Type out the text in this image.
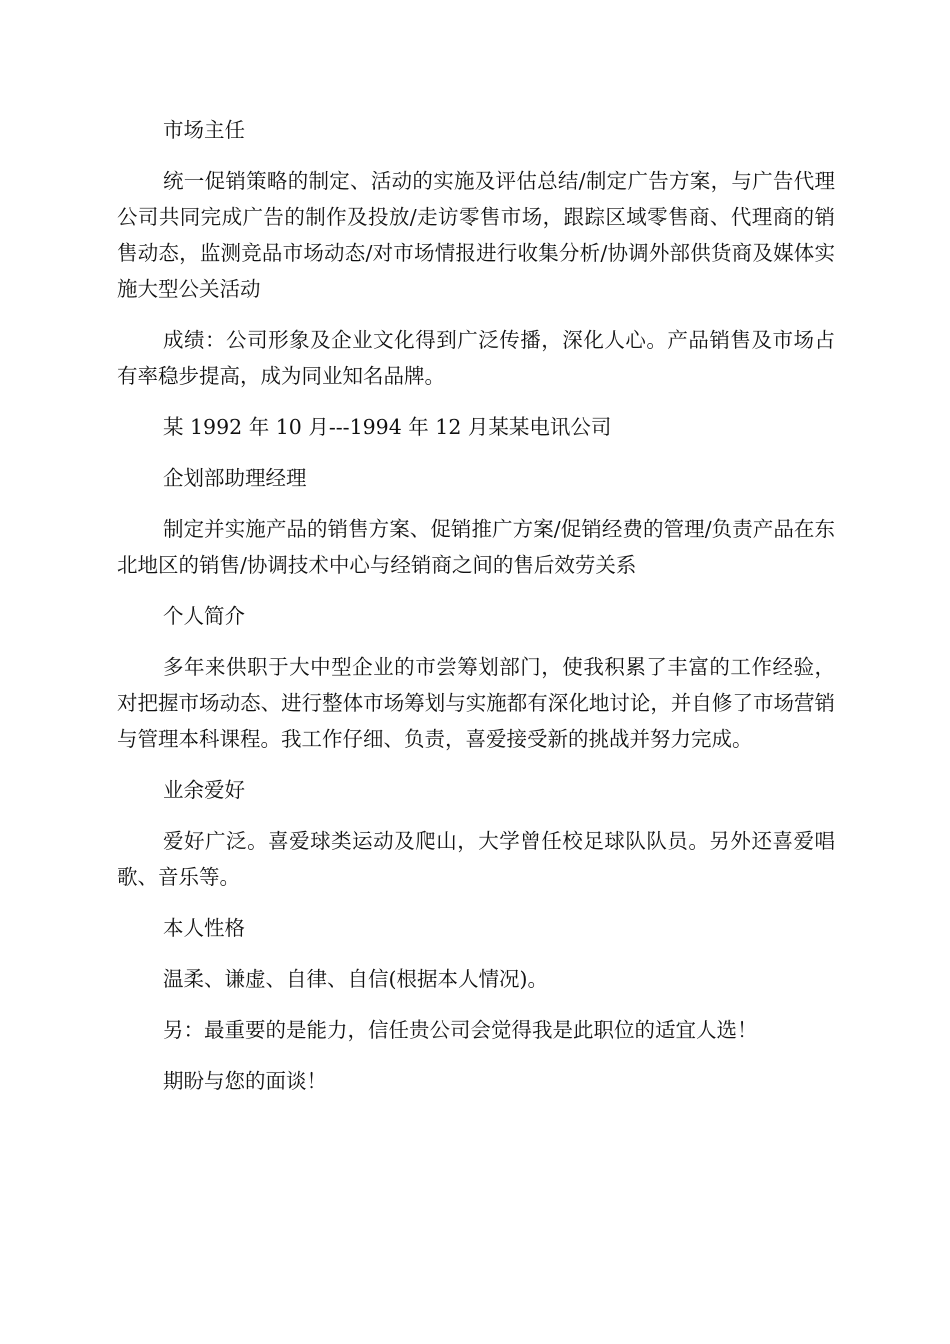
市场主任

统一促销策略的制定、活动的实施及评估总结/制定广告方案，与广告代理公司共同完成广告的制作及投放/走访零售市场，跟踪区域零售商、代理商的销售动态，监测竞品市场动态/对市场情报进行收集分析/协调外部供货商及媒体实施大型公关活动

成绩：公司形象及企业文化得到广泛传播，深化人心。产品销售及市场占有率稳步提高，成为同业知名品牌。

某 1992 年 10 月---1994 年 12 月某某电讯公司

企划部助理经理

制定并实施产品的销售方案、促销推广方案/促销经费的管理/负责产品在东北地区的销售/协调技术中心与经销商之间的售后效劳关系

个人简介

多年来供职于大中型企业的市尝筹划部门，使我积累了丰富的工作经验，对把握市场动态、进行整体市场筹划与实施都有深化地讨论，并自修了市场营销与管理本科课程。我工作仔细、负责，喜爱接受新的挑战并努力完成。

业余爱好

爱好广泛。喜爱球类运动及爬山，大学曾任校足球队队员。另外还喜爱唱歌、音乐等。

本人性格

温柔、谦虚、自律、自信(根据本人情况)。

另：最重要的是能力，信任贵公司会觉得我是此职位的适宜人选！

期盼与您的面谈！
